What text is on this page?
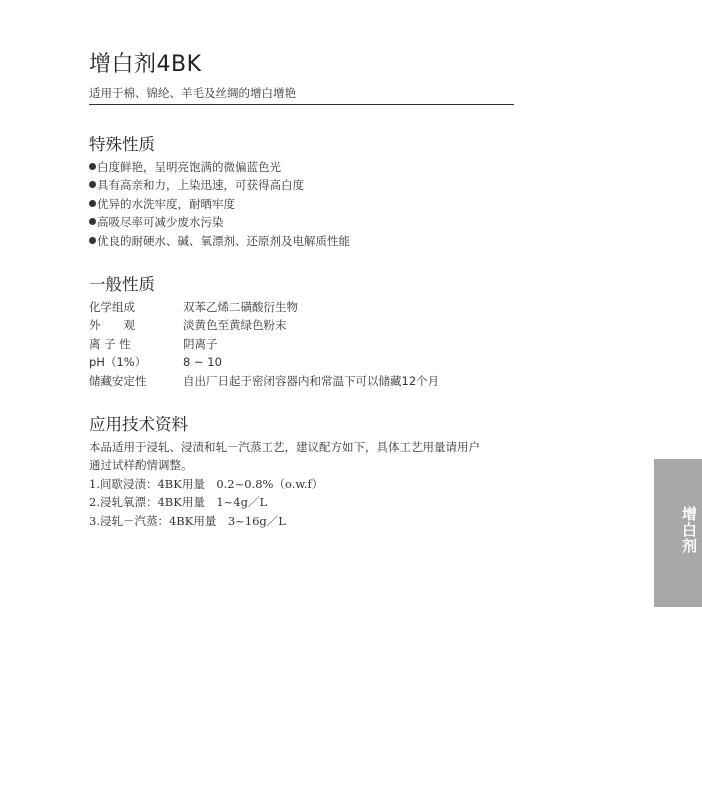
增白剂4BK
适用于棉、锦纶、羊毛及丝绸的增白增艳
特殊性质
白度鲜艳，呈明亮饱满的微偏蓝色光
具有高亲和力，上染迅速，可获得高白度
优异的水洗牢度，耐晒牢度
高吸尽率可减少废水污染
优良的耐硬水、碱、氧漂剂、还原剂及电解质性能
一般性质
化学组成	双苯乙烯二磺酸衍生物
外　　观	淡黄色至黄绿色粉末
离 子 性	阴离子
pH（1%）	8 ~ 10
储藏安定性	自出厂日起于密闭容器内和常温下可以储藏12个月
应用技术资料
本品适用于浸轧、浸渍和轧－汽蒸工艺，建议配方如下，具体工艺用量请用户
通过试样酌情调整。
1.间歇浸渍：4BK用量　0.2~0.8%（o.w.f）
2.浸轧氧漂：4BK用量　1~4g／L
3.浸轧－汽蒸：4BK用量　3~16g／L	增白剂
